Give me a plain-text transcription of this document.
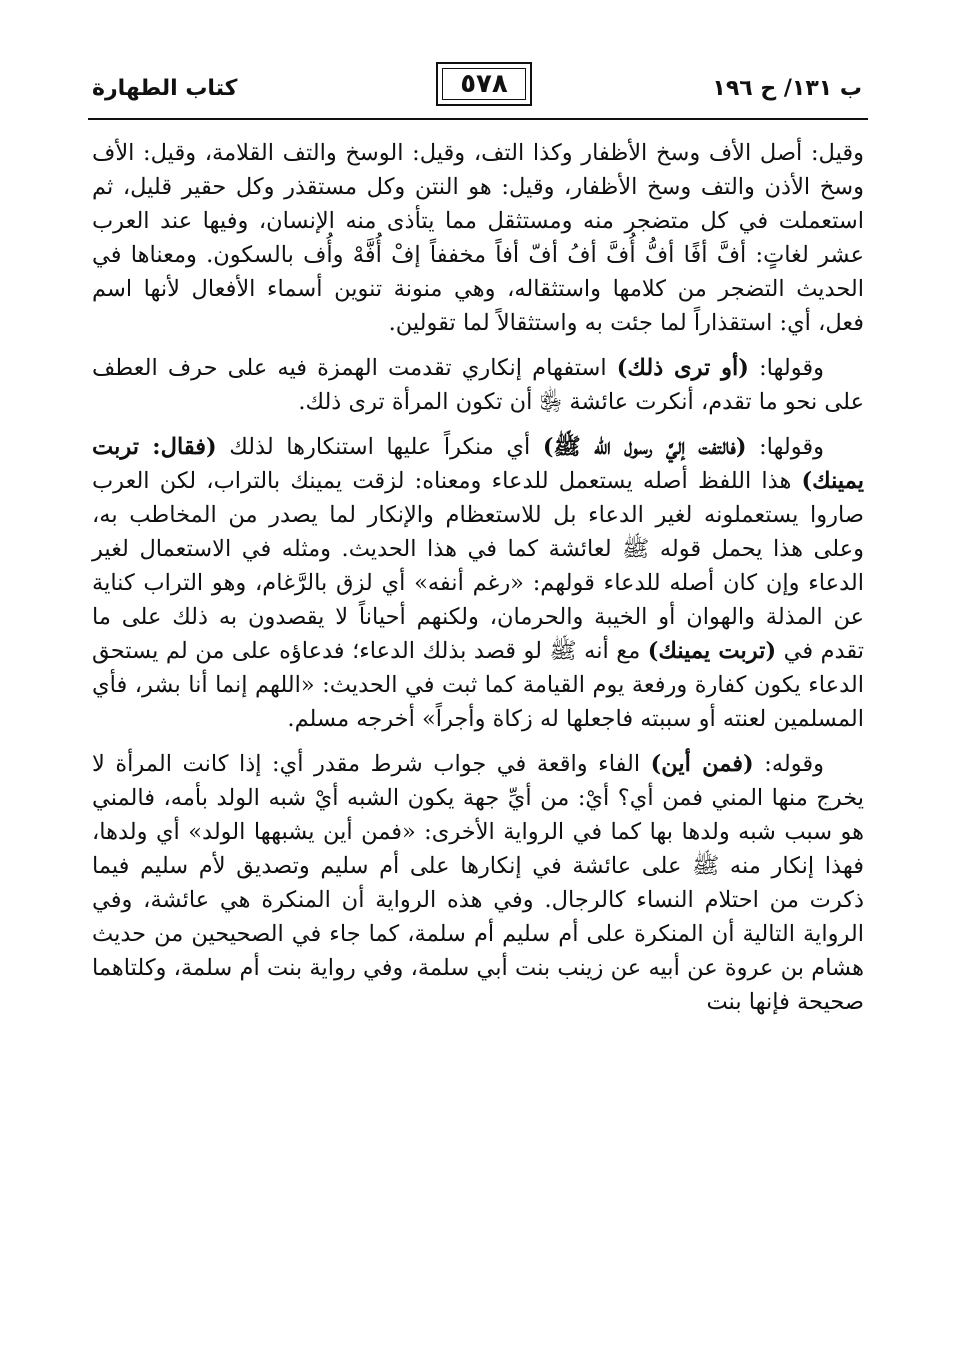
كتاب الطهارة	٥٧٨	ب ١٣١/ ح ١٩٦

وقيل: أصل الأف وسخ الأظفار وكذا التف، وقيل: الوسخ والتف القلامة، وقيل: الأف وسخ الأذن والتف وسخ الأظفار، وقيل: هو النتن وكل مستقذر وكل حقير قليل، ثم استعملت في كل متضجر منه ومستثقل مما يتأذى منه الإنسان، وفيها عند العرب عشر لغاتٍ: أفَّ أفًا أفُّ أُفَّ أفُ أفّ أفاً مخففاً إفْ أُفَّهْ وأُف بالسكون. ومعناها في الحديث التضجر من كلامها واستثقاله، وهي منونة تنوين أسماء الأفعال لأنها اسم فعل، أي: استقذاراً لما جئت به واستثقالاً لما تقولين.

وقولها: (أو ترى ذلك) استفهام إنكاري تقدمت الهمزة فيه على حرف العطف على نحو ما تقدم، أنكرت عائشة ﵂ أن تكون المرأة ترى ذلك.

وقولها: (فالتفت إليَّ رسول الله ﷺ) أي منكراً عليها استنكارها لذلك (فقال: تربت يمينك) هذا اللفظ أصله يستعمل للدعاء ومعناه: لزقت يمينك بالتراب، لكن العرب صاروا يستعملونه لغير الدعاء بل للاستعظام والإنكار لما يصدر من المخاطب به، وعلى هذا يحمل قوله ﷺ لعائشة كما في هذا الحديث. ومثله في الاستعمال لغير الدعاء وإن كان أصله للدعاء قولهم: «رغم أنفه» أي لزق بالرَّغام، وهو التراب كناية عن المذلة والهوان أو الخيبة والحرمان، ولكنهم أحياناً لا يقصدون به ذلك على ما تقدم في (تربت يمينك) مع أنه ﷺ لو قصد بذلك الدعاء؛ فدعاؤه على من لم يستحق الدعاء يكون كفارة ورفعة يوم القيامة كما ثبت في الحديث: «اللهم إنما أنا بشر، فأي المسلمين لعنته أو سببته فاجعلها له زكاة وأجراً» أخرجه مسلم.

وقوله: (فمن أين) الفاء واقعة في جواب شرط مقدر أي: إذا كانت المرأة لا يخرج منها المني فمن أي؟ أيْ: من أيِّ جهة يكون الشبه أيْ شبه الولد بأمه، فالمني هو سبب شبه ولدها بها كما في الرواية الأخرى: «فمن أين يشبهها الولد» أي ولدها، فهذا إنكار منه ﷺ على عائشة في إنكارها على أم سليم وتصديق لأم سليم فيما ذكرت من احتلام النساء كالرجال. وفي هذه الرواية أن المنكرة هي عائشة، وفي الرواية التالية أن المنكرة على أم سليم أم سلمة، كما جاء في الصحيحين من حديث هشام بن عروة عن أبيه عن زينب بنت أبي سلمة، وفي رواية بنت أم سلمة، وكلتاهما صحيحة فإنها بنت
